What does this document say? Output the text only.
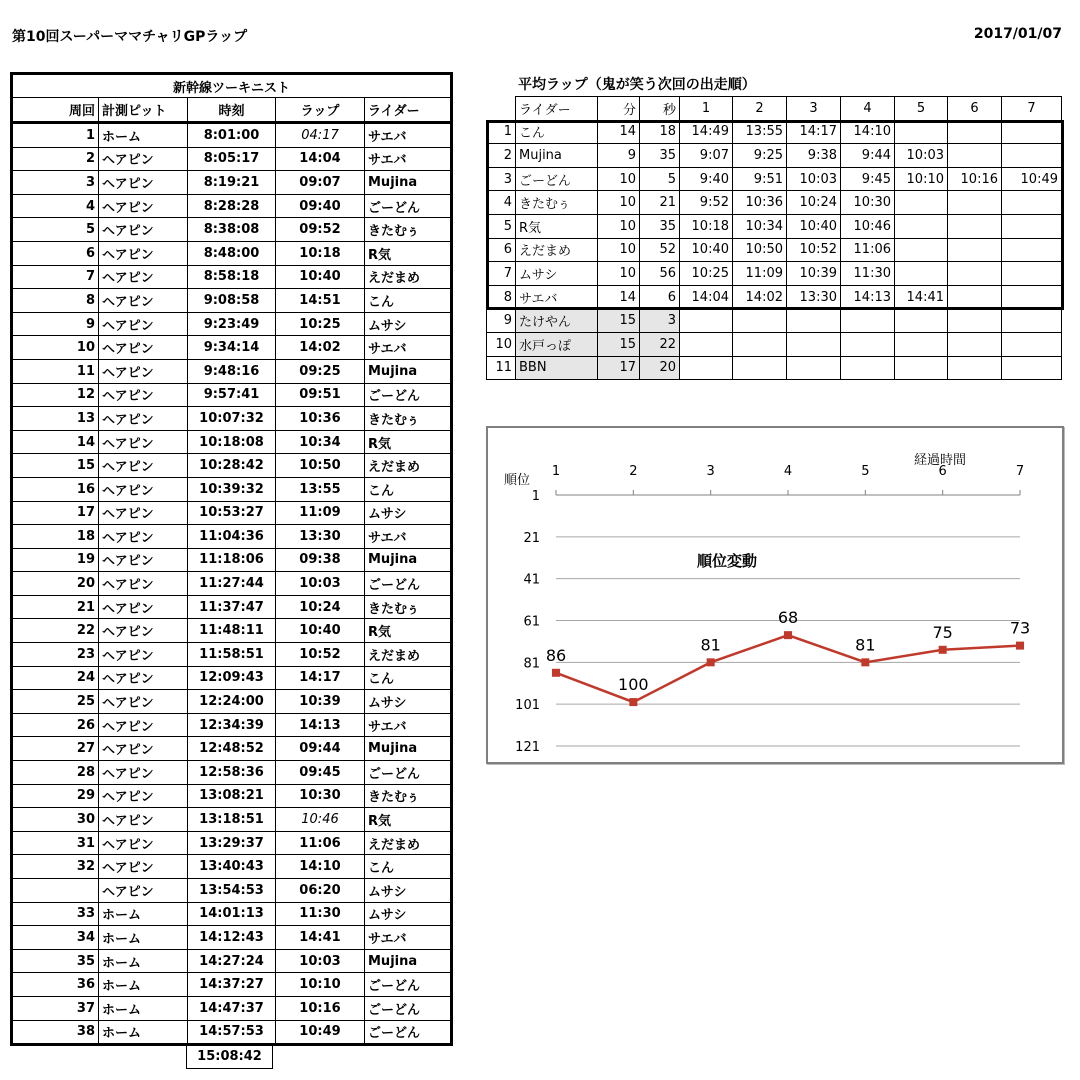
第10回スーパーママチャリGPラップ	2017/01/07
新幹線ツーキニスト				
周回	計測ピット	時刻	ラップ	ライダー
1	ホーム	8:01:00	04:17	サエバ
2	ヘアピン	8:05:17	14:04	サエバ
3	ヘアピン	8:19:21	09:07	Mujina
4	ヘアピン	8:28:28	09:40	ごーどん
5	ヘアピン	8:38:08	09:52	きたむぅ
6	ヘアピン	8:48:00	10:18	R気
7	ヘアピン	8:58:18	10:40	えだまめ
8	ヘアピン	9:08:58	14:51	こん
9	ヘアピン	9:23:49	10:25	ムサシ
10	ヘアピン	9:34:14	14:02	サエバ
11	ヘアピン	9:48:16	09:25	Mujina
12	ヘアピン	9:57:41	09:51	ごーどん
13	ヘアピン	10:07:32	10:36	きたむぅ
14	ヘアピン	10:18:08	10:34	R気
15	ヘアピン	10:28:42	10:50	えだまめ
16	ヘアピン	10:39:32	13:55	こん
17	ヘアピン	10:53:27	11:09	ムサシ
18	ヘアピン	11:04:36	13:30	サエバ
19	ヘアピン	11:18:06	09:38	Mujina
20	ヘアピン	11:27:44	10:03	ごーどん
21	ヘアピン	11:37:47	10:24	きたむぅ
22	ヘアピン	11:48:11	10:40	R気
23	ヘアピン	11:58:51	10:52	えだまめ
24	ヘアピン	12:09:43	14:17	こん
25	ヘアピン	12:24:00	10:39	ムサシ
26	ヘアピン	12:34:39	14:13	サエバ
27	ヘアピン	12:48:52	09:44	Mujina
28	ヘアピン	12:58:36	09:45	ごーどん
29	ヘアピン	13:08:21	10:30	きたむぅ
30	ヘアピン	13:18:51	10:46	R気
31	ヘアピン	13:29:37	11:06	えだまめ
32	ヘアピン	13:40:43	14:10	こん
	ヘアピン	13:54:53	06:20	ムサシ
33	ホーム	14:01:13	11:30	ムサシ
34	ホーム	14:12:43	14:41	サエバ
35	ホーム	14:27:24	10:03	Mujina
36	ホーム	14:37:27	10:10	ごーどん
37	ホーム	14:47:37	10:16	ごーどん
38	ホーム	14:57:53	10:49	ごーどん
15:08:42
平均ラップ（鬼が笑う次回の出走順）
	ライダー	分	秒	1	2	3	4	5	6	7
1	こん	14	18	14:49	13:55	14:17	14:10			
2	Mujina	9	35	9:07	9:25	9:38	9:44	10:03		
3	ごーどん	10	5	9:40	9:51	10:03	9:45	10:10	10:16	10:49
4	きたむぅ	10	21	9:52	10:36	10:24	10:30			
5	R気	10	35	10:18	10:34	10:40	10:46			
6	えだまめ	10	52	10:40	10:50	10:52	11:06			
7	ムサシ	10	56	10:25	11:09	10:39	11:30			
8	サエバ	14	6	14:04	14:02	13:30	14:13	14:41		
9	たけやん	15	3							
10	水戸っぽ	15	22							
11	BBN	17	20							
1
21
41
61
81
101
121
1	2	3	4	5	6	7
経過時間
順位
順位変動
86
100
81
68
81
75	73
